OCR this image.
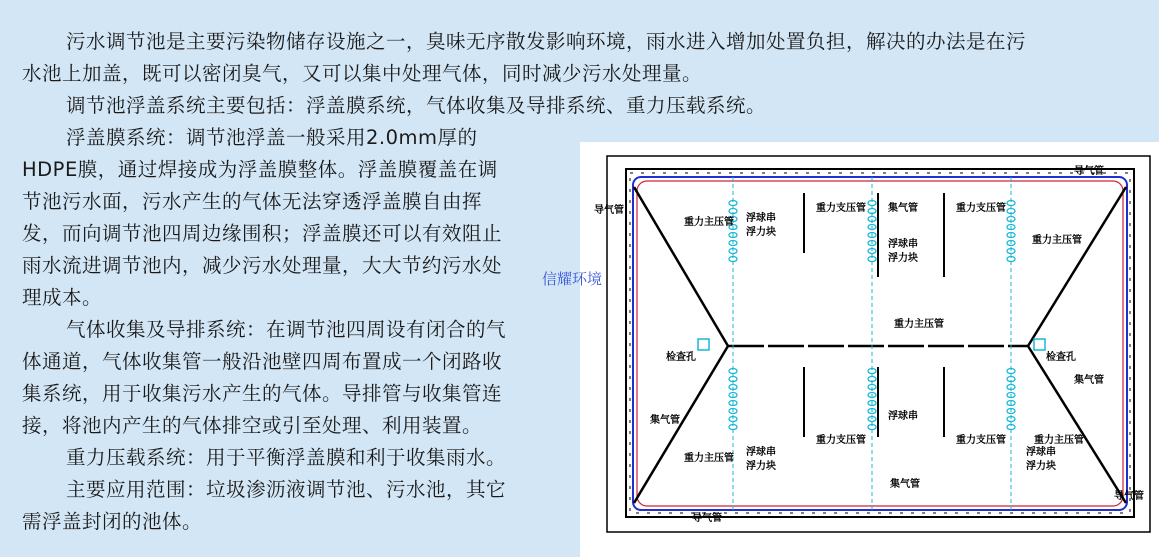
污水调节池是主要污染物储存设施之一，臭味无序散发影响环境，雨水进入增加处置负担，解决的办法是在污

水池上加盖，既可以密闭臭气，又可以集中处理气体，同时减少污水处理量。

调节池浮盖系统主要包括：浮盖膜系统，气体收集及导排系统、重力压载系统。

浮盖膜系统：调节池浮盖一般采用2.0mm厚的

HDPE膜，通过焊接成为浮盖膜整体。浮盖膜覆盖在调

节池污水面，污水产生的气体无法穿透浮盖膜自由挥

发，而向调节池四周边缘围积；浮盖膜还可以有效阻止

雨水流进调节池内，减少污水处理量，大大节约污水处

理成本。

气体收集及导排系统：在调节池四周设有闭合的气

体通道，气体收集管一般沿池壁四周布置成一个闭路收

集系统，用于收集污水产生的气体。导排管与收集管连

接，将池内产生的气体排空或引至处理、利用装置。

重力压载系统：用于平衡浮盖膜和利于收集雨水。

主要应用范围：垃圾渗沥液调节池、污水池，其它

需浮盖封闭的池体。

导气管
导气管
重力主压管 浮球串
浮力块
重力支压管 集气管
浮球串
浮力块
重力支压管
重力主压管
重力主压管
检查孔	检查孔
集气管
集气管	浮球串
重力支压管	重力支压管	重力主压管
重力主压管
浮球串
浮力块
浮球串
浮力块
集气管
导气管
导气管
信耀环境
